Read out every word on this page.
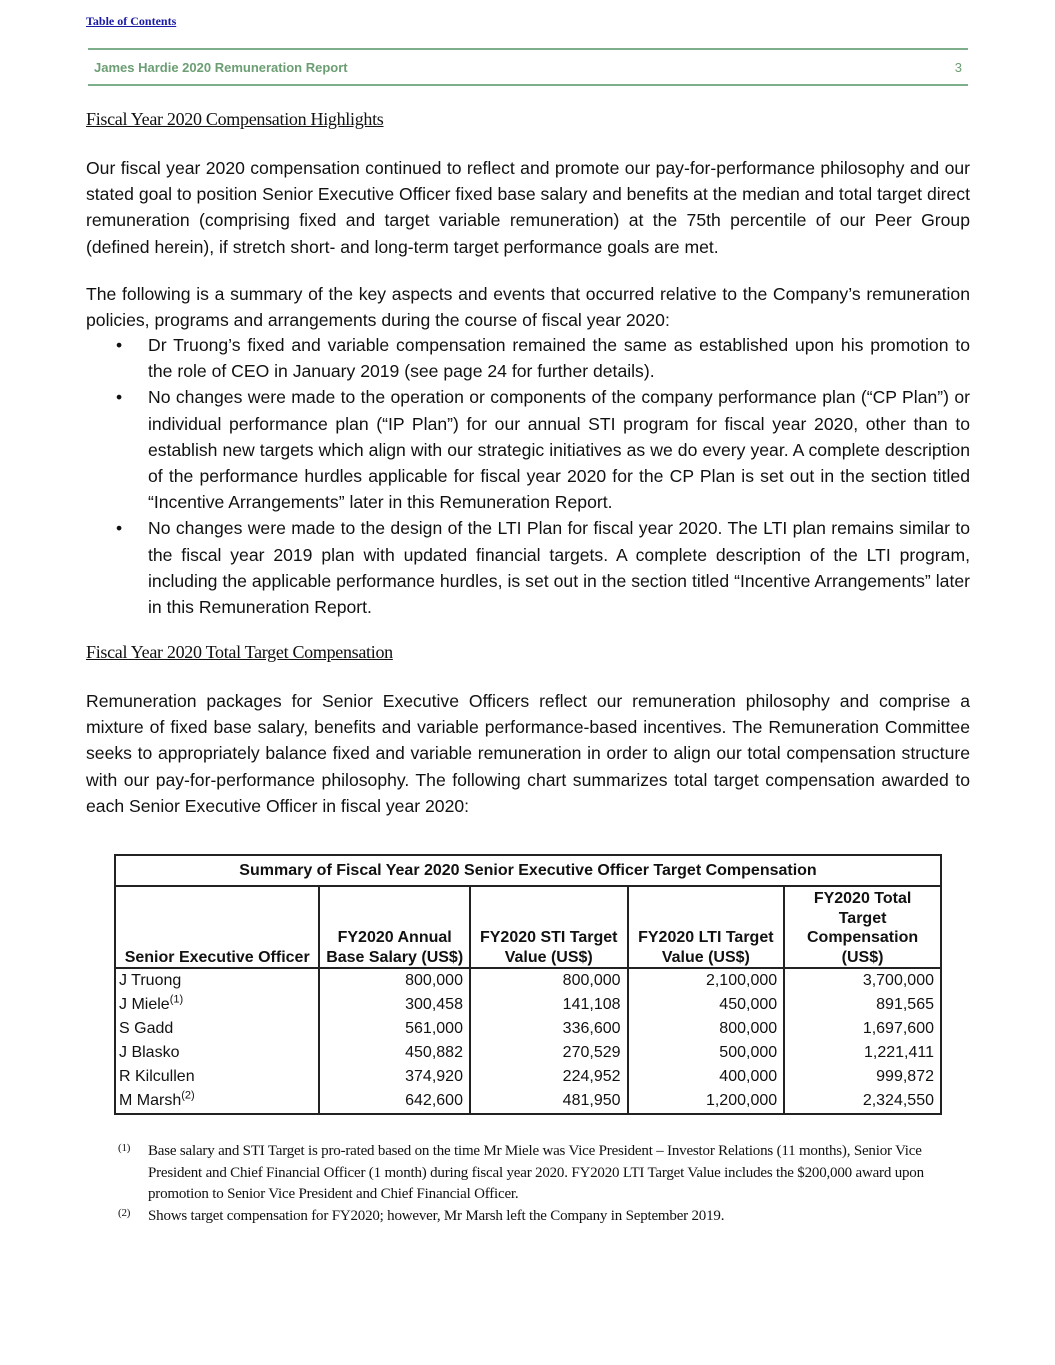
Table of Contents
James Hardie 2020 Remuneration Report	3
Fiscal Year 2020 Compensation Highlights
Our fiscal year 2020 compensation continued to reflect and promote our pay-for-performance philosophy and our stated goal to position Senior Executive Officer fixed base salary and benefits at the median and total target direct remuneration (comprising fixed and target variable remuneration) at the 75th percentile of our Peer Group (defined herein), if stretch short- and long-term target performance goals are met.
The following is a summary of the key aspects and events that occurred relative to the Company’s remuneration policies, programs and arrangements during the course of fiscal year 2020:
• Dr Truong’s fixed and variable compensation remained the same as established upon his promotion to the role of CEO in January 2019 (see page 24 for further details).
• No changes were made to the operation or components of the company performance plan (“CP Plan”) or individual performance plan (“IP Plan”) for our annual STI program for fiscal year 2020, other than to establish new targets which align with our strategic initiatives as we do every year. A complete description of the performance hurdles applicable for fiscal year 2020 for the CP Plan is set out in the section titled “Incentive Arrangements” later in this Remuneration Report.
• No changes were made to the design of the LTI Plan for fiscal year 2020. The LTI plan remains similar to the fiscal year 2019 plan with updated financial targets. A complete description of the LTI program, including the applicable performance hurdles, is set out in the section titled “Incentive Arrangements” later in this Remuneration Report.
Fiscal Year 2020 Total Target Compensation
Remuneration packages for Senior Executive Officers reflect our remuneration philosophy and comprise a mixture of fixed base salary, benefits and variable performance-based incentives. The Remuneration Committee seeks to appropriately balance fixed and variable remuneration in order to align our total compensation structure with our pay-for-performance philosophy. The following chart summarizes total target compensation awarded to each Senior Executive Officer in fiscal year 2020:
Summary of Fiscal Year 2020 Senior Executive Officer Target Compensation				
Senior Executive Officer	FY2020 Annual Base Salary (US$)	FY2020 STI Target Value (US$)	FY2020 LTI Target Value (US$)	FY2020 Total Target Compensation (US$)
J Truong	800,000	800,000	2,100,000	3,700,000
J Miele$^{(1)}$	300,458	141,108	450,000	891,565
S Gadd	561,000	336,600	800,000	1,697,600
J Blasko	450,882	270,529	500,000	1,221,411
R Kilcullen	374,920	224,952	400,000	999,872
M Marsh$^{(2)}$	642,600	481,950	1,200,000	2,324,550
(1) Base salary and STI Target is pro-rated based on the time Mr Miele was Vice President – Investor Relations (11 months), Senior Vice President and Chief Financial Officer (1 month) during fiscal year 2020. FY2020 LTI Target Value includes the $200,000 award upon promotion to Senior Vice President and Chief Financial Officer.
(2) Shows target compensation for FY2020; however, Mr Marsh left the Company in September 2019.
